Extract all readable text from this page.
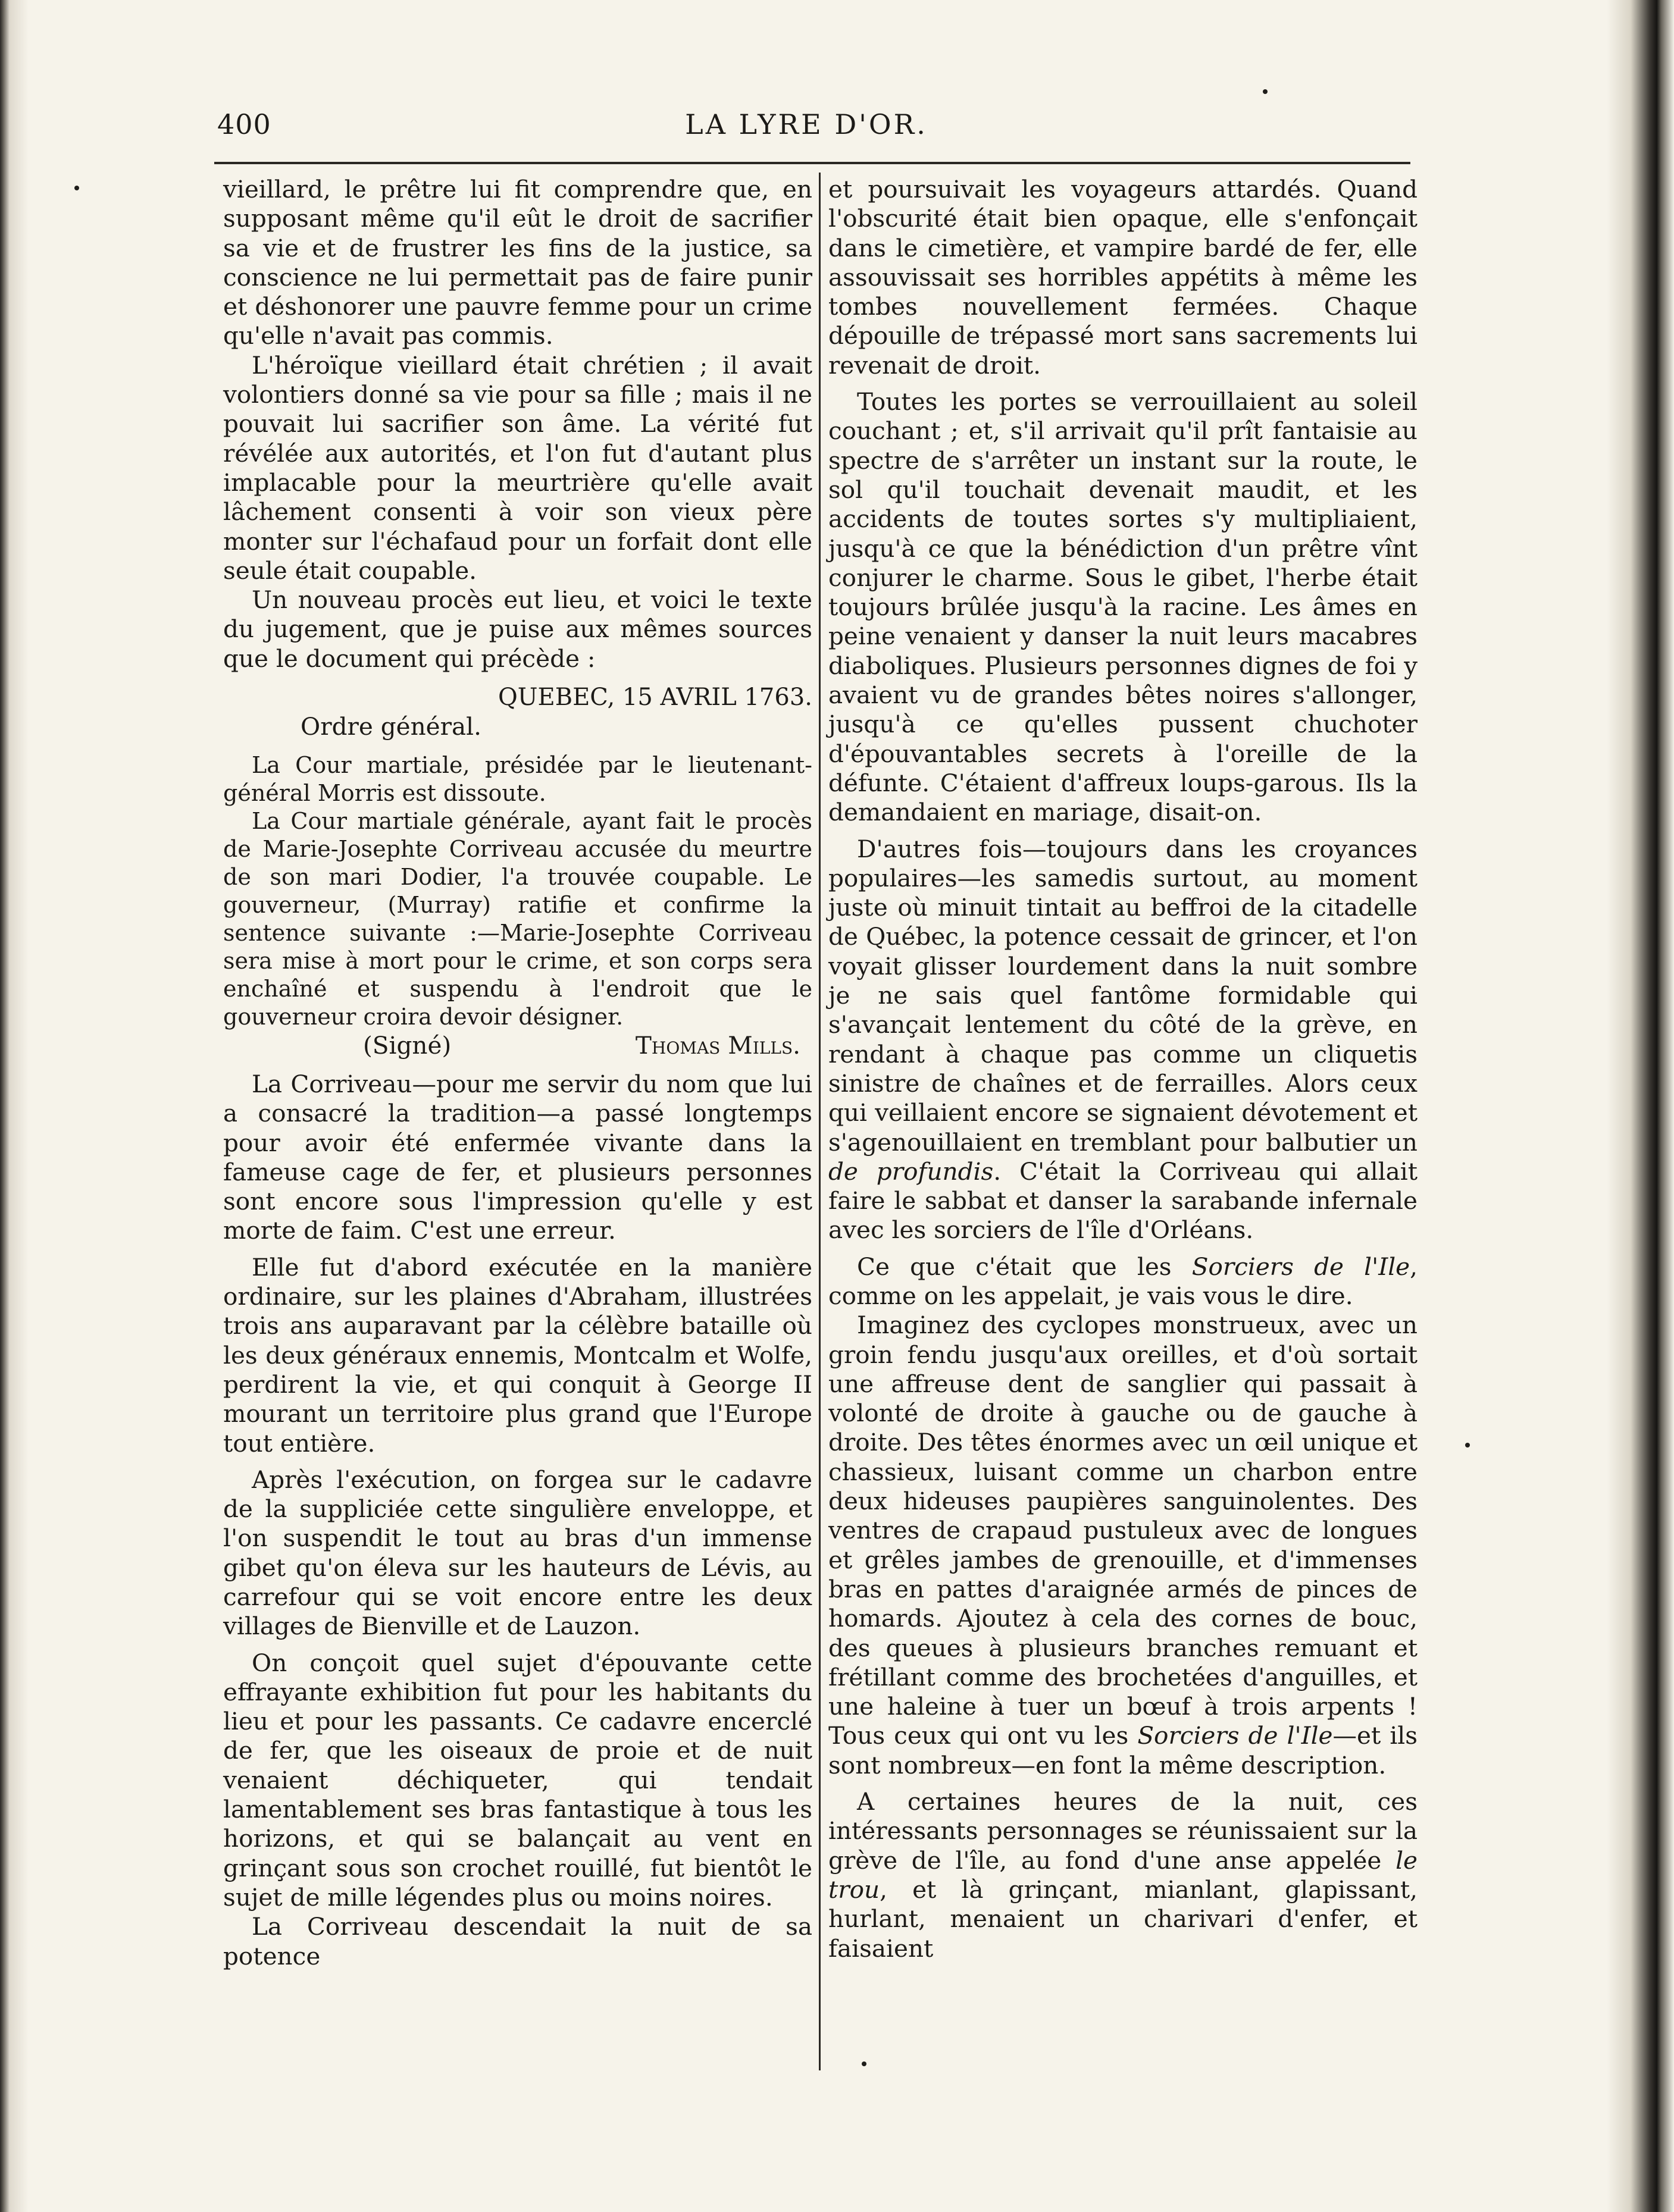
400	LA LYRE D'OR.

vieillard, le prêtre lui fit comprendre que, en supposant même qu'il eût le droit de sacrifier sa vie et de frustrer les fins de la justice, sa conscience ne lui permettait pas de faire punir et déshonorer une pauvre femme pour un crime qu'elle n'avait pas commis.

L'héroïque vieillard était chrétien ; il avait volontiers donné sa vie pour sa fille ; mais il ne pouvait lui sacrifier son âme. La vérité fut révélée aux autorités, et l'on fut d'autant plus implacable pour la meurtrière qu'elle avait lâchement consenti à voir son vieux père monter sur l'échafaud pour un forfait dont elle seule était coupable.

Un nouveau procès eut lieu, et voici le texte du jugement, que je puise aux mêmes sources que le document qui précède :

QUEBEC, 15 AVRIL 1763.

Ordre général.

La Cour martiale, présidée par le lieutenant-général Morris est dissoute.

La Cour martiale générale, ayant fait le procès de Marie-Josephte Corriveau accusée du meurtre de son mari Dodier, l'a trouvée coupable. Le gouverneur, (Murray) ratifie et confirme la sentence suivante :—Marie-Josephte Corriveau sera mise à mort pour le crime, et son corps sera enchaîné et suspendu à l'endroit que le gouverneur croira devoir désigner.

(Signé)	Thomas Mills.

La Corriveau—pour me servir du nom que lui a consacré la tradition—a passé longtemps pour avoir été enfermée vivante dans la fameuse cage de fer, et plusieurs personnes sont encore sous l'impression qu'elle y est morte de faim. C'est une erreur.

Elle fut d'abord exécutée en la manière ordinaire, sur les plaines d'Abraham, illustrées trois ans auparavant par la célèbre bataille où les deux généraux ennemis, Montcalm et Wolfe, perdirent la vie, et qui conquit à George II mourant un territoire plus grand que l'Europe tout entière.

Après l'exécution, on forgea sur le cadavre de la suppliciée cette singulière enveloppe, et l'on suspendit le tout au bras d'un immense gibet qu'on éleva sur les hauteurs de Lévis, au carrefour qui se voit encore entre les deux villages de Bienville et de Lauzon.

On conçoit quel sujet d'épouvante cette effrayante exhibition fut pour les habitants du lieu et pour les passants. Ce cadavre encerclé de fer, que les oiseaux de proie et de nuit venaient déchiqueter, qui tendait lamentablement ses bras fantastique à tous les horizons, et qui se balançait au vent en grinçant sous son crochet rouillé, fut bientôt le sujet de mille légendes plus ou moins noires.

La Corriveau descendait la nuit de sa potence

et poursuivait les voyageurs attardés. Quand l'obscurité était bien opaque, elle s'enfonçait dans le cimetière, et vampire bardé de fer, elle assouvissait ses horribles appétits à même les tombes nouvellement fermées. Chaque dépouille de trépassé mort sans sacrements lui revenait de droit.

Toutes les portes se verrouillaient au soleil couchant ; et, s'il arrivait qu'il prît fantaisie au spectre de s'arrêter un instant sur la route, le sol qu'il touchait devenait maudit, et les accidents de toutes sortes s'y multipliaient, jusqu'à ce que la bénédiction d'un prêtre vînt conjurer le charme. Sous le gibet, l'herbe était toujours brûlée jusqu'à la racine. Les âmes en peine venaient y danser la nuit leurs macabres diaboliques. Plusieurs personnes dignes de foi y avaient vu de grandes bêtes noires s'allonger, jusqu'à ce qu'elles pussent chuchoter d'épouvantables secrets à l'oreille de la défunte. C'étaient d'affreux loups-garous. Ils la demandaient en mariage, disait-on.

D'autres fois—toujours dans les croyances populaires—les samedis surtout, au moment juste où minuit tintait au beffroi de la citadelle de Québec, la potence cessait de grincer, et l'on voyait glisser lourdement dans la nuit sombre je ne sais quel fantôme formidable qui s'avançait lentement du côté de la grève, en rendant à chaque pas comme un cliquetis sinistre de chaînes et de ferrailles. Alors ceux qui veillaient encore se signaient dévotement et s'agenouillaient en tremblant pour balbutier un de profundis. C'était la Corriveau qui allait faire le sabbat et danser la sarabande infernale avec les sorciers de l'île d'Orléans.

Ce que c'était que les Sorciers de l'Ile, comme on les appelait, je vais vous le dire.

Imaginez des cyclopes monstrueux, avec un groin fendu jusqu'aux oreilles, et d'où sortait une affreuse dent de sanglier qui passait à volonté de droite à gauche ou de gauche à droite. Des têtes énormes avec un œil unique et chassieux, luisant comme un charbon entre deux hideuses paupières sanguinolentes. Des ventres de crapaud pustuleux avec de longues et grêles jambes de grenouille, et d'immenses bras en pattes d'araignée armés de pinces de homards. Ajoutez à cela des cornes de bouc, des queues à plusieurs branches remuant et frétillant comme des brochetées d'anguilles, et une haleine à tuer un bœuf à trois arpents ! Tous ceux qui ont vu les Sorciers de l'Ile—et ils sont nombreux—en font la même description.

A certaines heures de la nuit, ces intéressants personnages se réunissaient sur la grève de l'île, au fond d'une anse appelée le trou, et là grinçant, mianlant, glapissant, hurlant, menaient un charivari d'enfer, et faisaient
